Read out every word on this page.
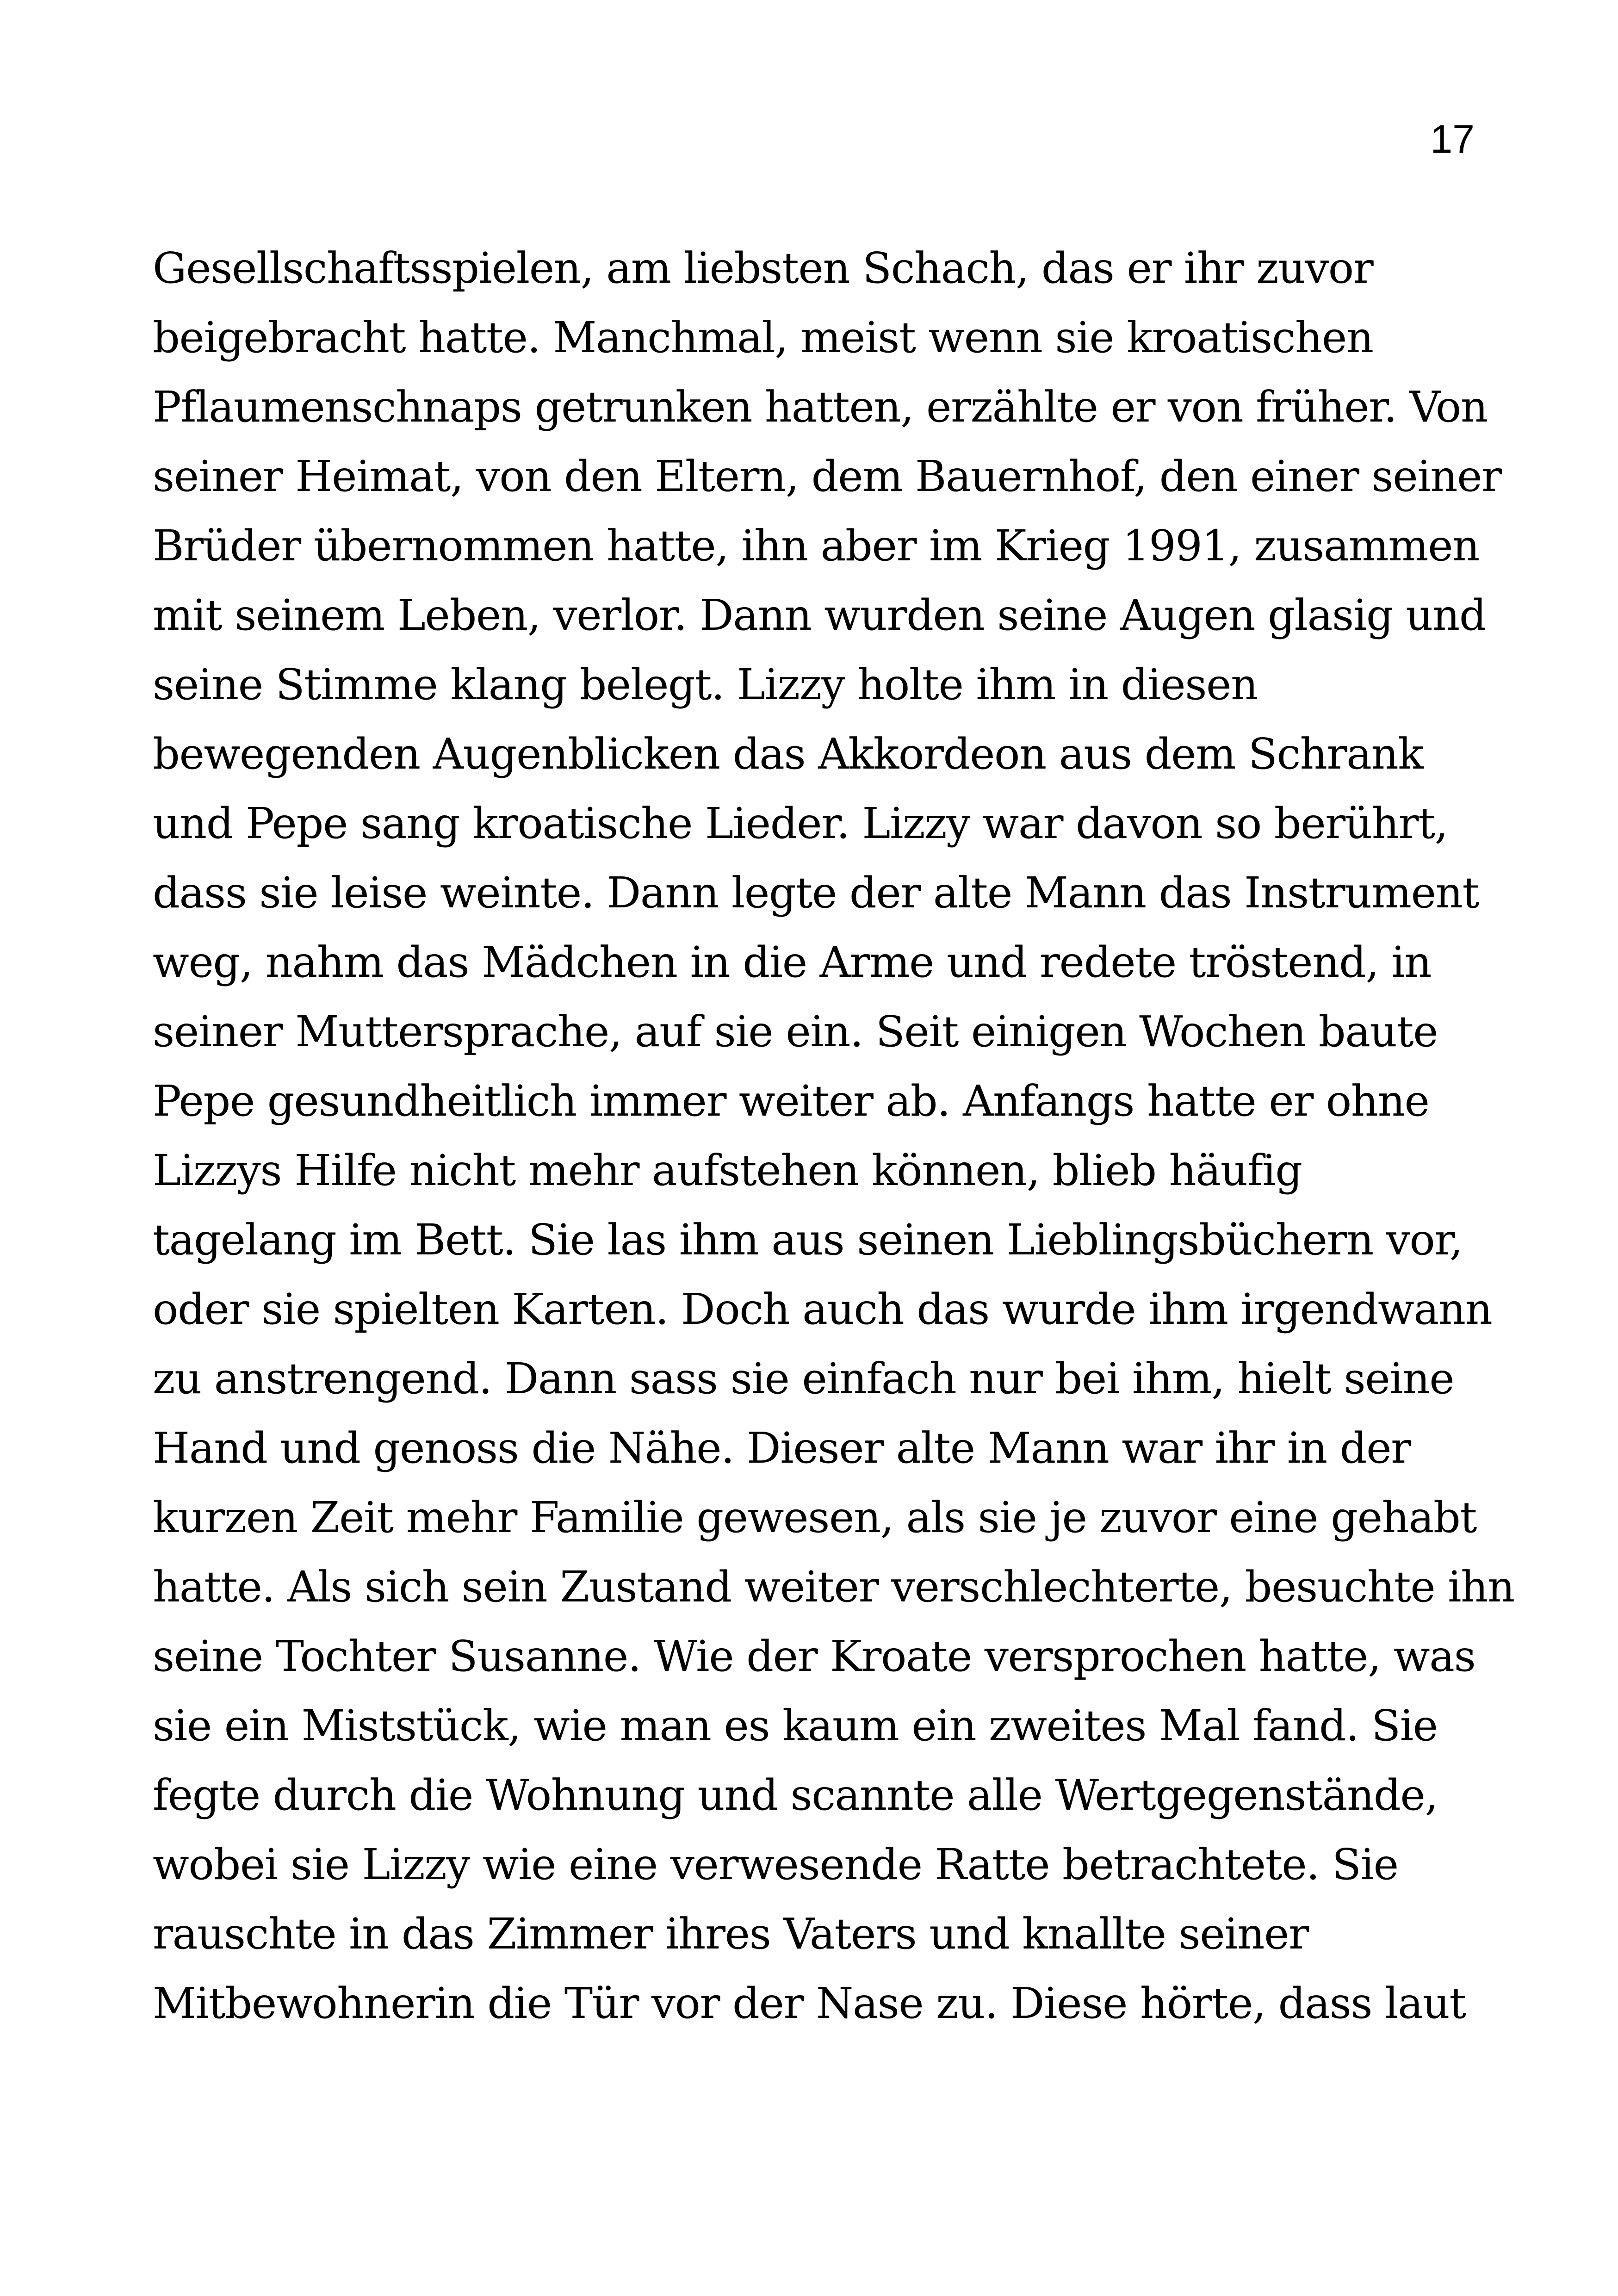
17
Gesellschaftsspielen, am liebsten Schach, das er ihr zuvor
beigebracht hatte. Manchmal, meist wenn sie kroatischen
Pflaumenschnaps getrunken hatten, erzählte er von früher. Von
seiner Heimat, von den Eltern, dem Bauernhof, den einer seiner
Brüder übernommen hatte, ihn aber im Krieg 1991, zusammen
mit seinem Leben, verlor. Dann wurden seine Augen glasig und
seine Stimme klang belegt. Lizzy holte ihm in diesen
bewegenden Augenblicken das Akkordeon aus dem Schrank
und Pepe sang kroatische Lieder. Lizzy war davon so berührt,
dass sie leise weinte. Dann legte der alte Mann das Instrument
weg, nahm das Mädchen in die Arme und redete tröstend, in
seiner Muttersprache, auf sie ein. Seit einigen Wochen baute
Pepe gesundheitlich immer weiter ab. Anfangs hatte er ohne
Lizzys Hilfe nicht mehr aufstehen können, blieb häufig
tagelang im Bett. Sie las ihm aus seinen Lieblingsbüchern vor,
oder sie spielten Karten. Doch auch das wurde ihm irgendwann
zu anstrengend. Dann sass sie einfach nur bei ihm, hielt seine
Hand und genoss die Nähe. Dieser alte Mann war ihr in der
kurzen Zeit mehr Familie gewesen, als sie je zuvor eine gehabt
hatte. Als sich sein Zustand weiter verschlechterte, besuchte ihn
seine Tochter Susanne. Wie der Kroate versprochen hatte, was
sie ein Miststück, wie man es kaum ein zweites Mal fand. Sie
fegte durch die Wohnung und scannte alle Wertgegenstände,
wobei sie Lizzy wie eine verwesende Ratte betrachtete. Sie
rauschte in das Zimmer ihres Vaters und knallte seiner
Mitbewohnerin die Tür vor der Nase zu. Diese hörte, dass laut
